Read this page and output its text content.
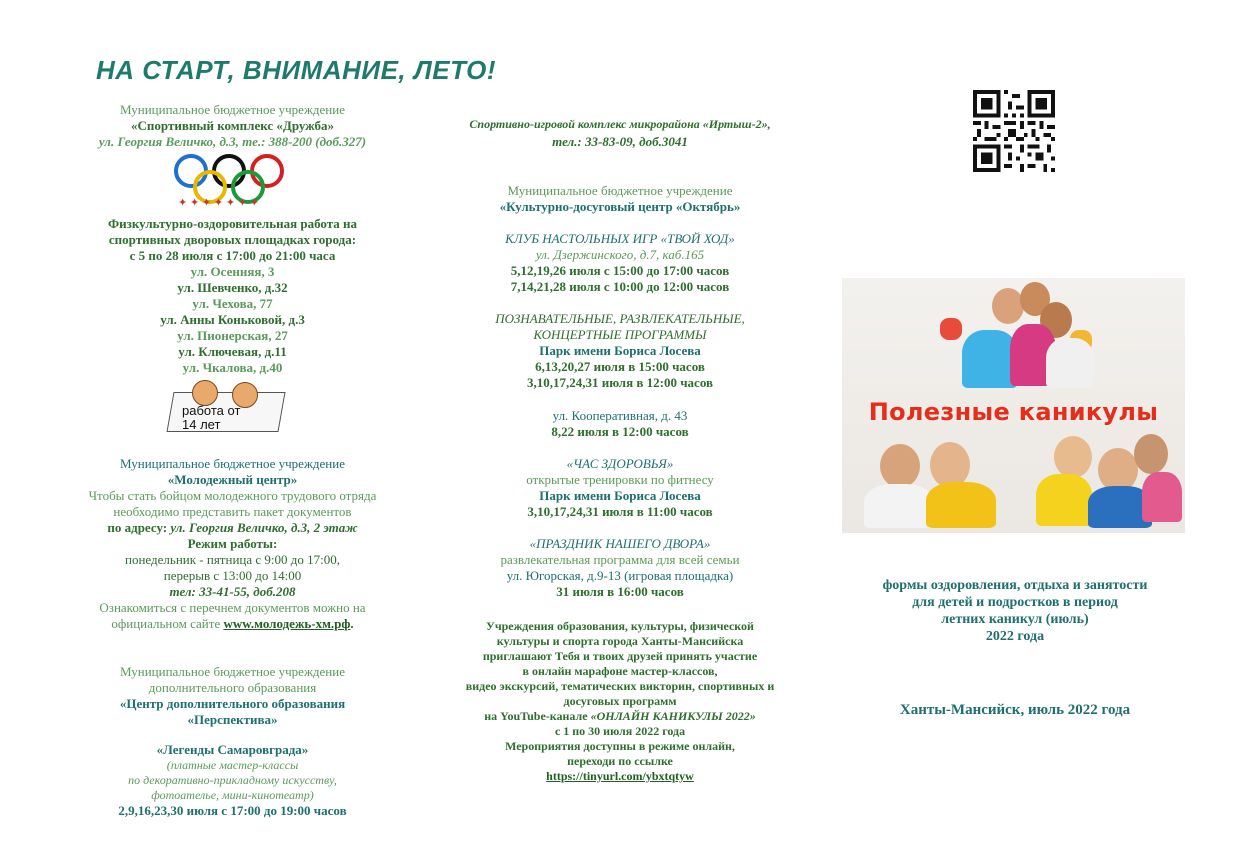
НА СТАРТ, ВНИМАНИЕ, ЛЕТО!
Муниципальное бюджетное учреждение
«Спортивный комплекс «Дружба»
ул. Георгия Величко, д.3, те.: 388-200 (доб.327)
✦ ✦ ✦ ✦ ✦ ✦ ✦
Физкультурно-оздоровительная работа на
спортивных дворовых площадках города:
с 5 по 28 июля с 17:00 до 21:00 часа
ул. Осенняя, 3
ул. Шевченко, д.32
ул. Чехова, 77
ул. Анны Коньковой, д.3
ул. Пионерская, 27
ул. Ключевая, д.11
ул. Чкалова, д.40
работа от
14 лет
Муниципальное бюджетное учреждение
«Молодежный центр»
Чтобы стать бойцом молодежного трудового отряда
необходимо представить пакет документов
по адресу: ул. Георгия Величко, д.3, 2 этаж
Режим работы:
понедельник - пятница с 9:00 до 17:00,
перерыв с 13:00 до 14:00
тел: 33-41-55, доб.208
Ознакомиться с перечнем документов можно на
официальном сайте www.молодежь-хм.рф.
Муниципальное бюджетное учреждение
дополнительного образования
«Центр дополнительного образования
«Перспектива»
«Легенды Самаровграда»
(платные мастер-классы
по декоративно-прикладному искусству,
фотоателье, мини-кинотеатр)
2,9,16,23,30 июля с 17:00 до 19:00 часов
Спортивно-игровой комплекс микрорайона «Иртыш-2»,
тел.: 33-83-09, доб.3041
Муниципальное бюджетное учреждение
«Культурно-досуговый центр «Октябрь»
КЛУБ НАСТОЛЬНЫХ ИГР «ТВОЙ ХОД»
ул. Дзержинского, д.7, каб.165
5,12,19,26 июля с 15:00 до 17:00 часов
7,14,21,28 июля с 10:00 до 12:00 часов
ПОЗНАВАТЕЛЬНЫЕ, РАЗВЛЕКАТЕЛЬНЫЕ,
КОНЦЕРТНЫЕ ПРОГРАММЫ
Парк имени Бориса Лосева
6,13,20,27 июля в 15:00 часов
3,10,17,24,31 июля в 12:00 часов
ул. Кооперативная, д. 43
8,22 июля в 12:00 часов
«ЧАС ЗДОРОВЬЯ»
открытые тренировки по фитнесу
Парк имени Бориса Лосева
3,10,17,24,31 июля в 11:00 часов
«ПРАЗДНИК НАШЕГО ДВОРА»
развлекательная программа для всей семьи
ул. Югорская, д.9-13 (игровая площадка)
31 июля в 16:00 часов
Учреждения образования, культуры, физической
культуры и спорта города Ханты-Мансийска
приглашают Тебя и твоих друзей принять участие
в онлайн марафоне мастер-классов,
видео экскурсий, тематических викторин, спортивных и
досуговых программ
на YouTube-канале «ОНЛАЙН КАНИКУЛЫ 2022»
с 1 по 30 июля 2022 года
Мероприятия доступны в режиме онлайн,
переходи по ссылке
https://tinyurl.com/ybxtqtyw
Полезные каникулы
формы оздоровления, отдыха и занятости
для детей и подростков в период
летних каникул (июль)
2022 года
Ханты-Мансийск, июль 2022 года
